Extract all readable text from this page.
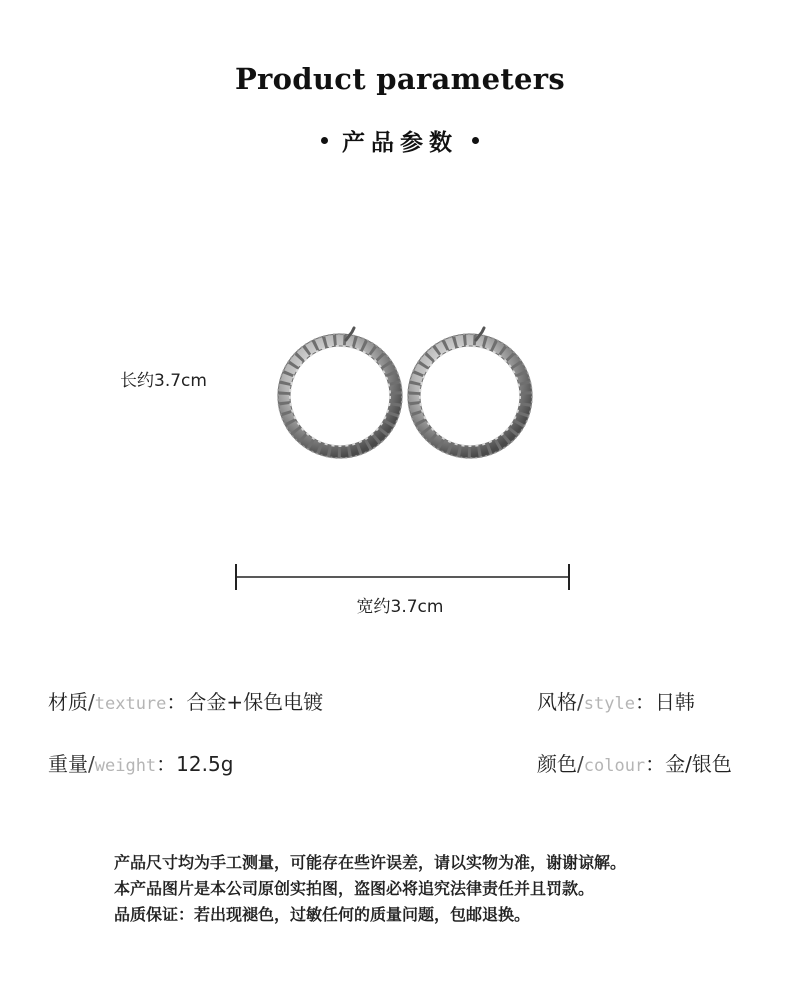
Product parameters
产品参数
长约3.7cm
宽约3.7cm
材质/texture：合金+保色电镀	风格/style：日韩
重量/weight：12.5g	颜色/colour：金/银色
产品尺寸均为手工测量，可能存在些许误差，请以实物为准，谢谢谅解。
本产品图片是本公司原创实拍图，盗图必将追究法律责任并且罚款。
品质保证：若出现褪色，过敏任何的质量问题，包邮退换。
